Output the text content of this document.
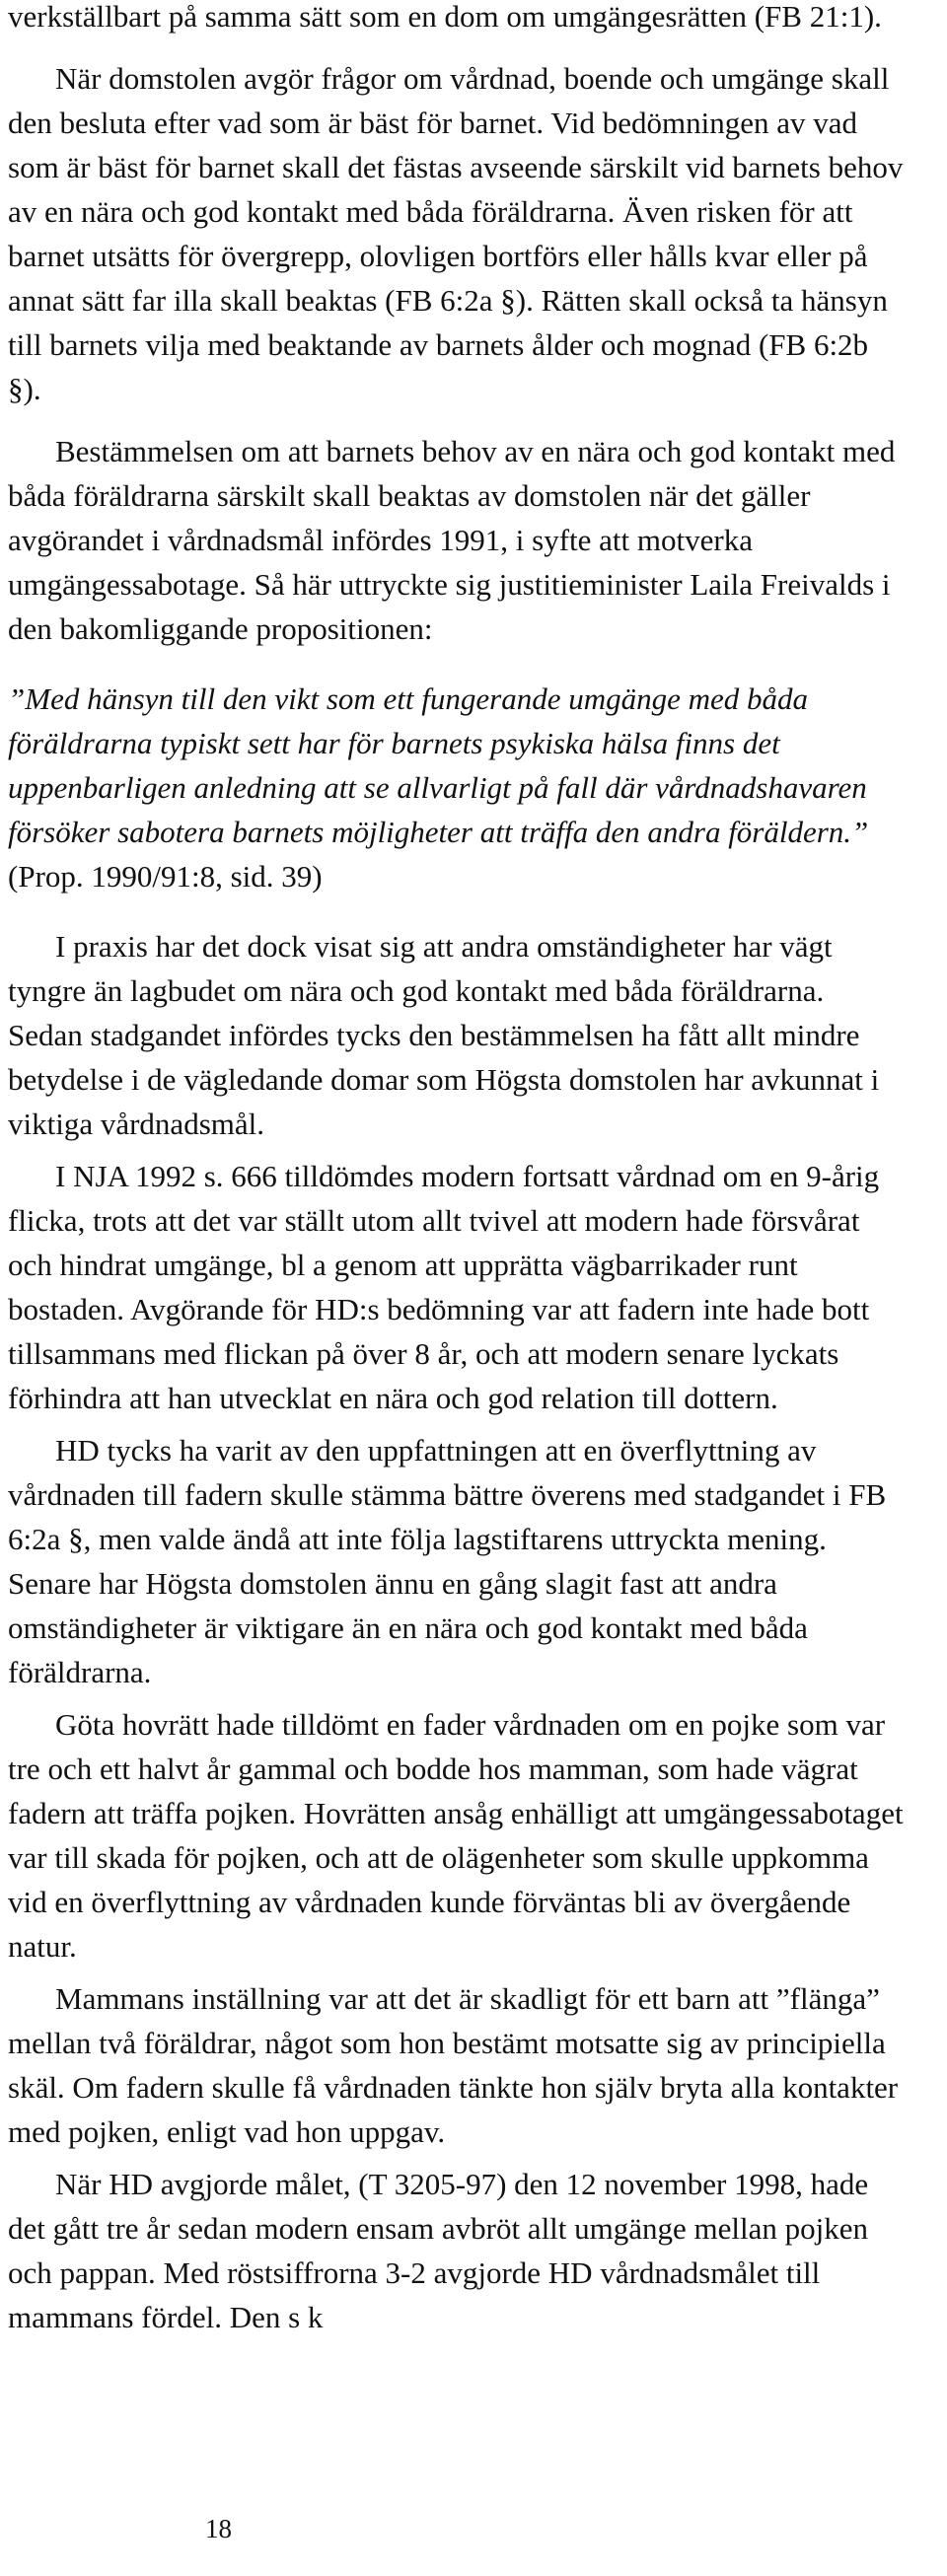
verkställbart på samma sätt som en dom om umgängesrätten (FB 21:1).

När domstolen avgör frågor om vårdnad, boende och umgänge skall den besluta efter vad som är bäst för barnet. Vid bedömningen av vad som är bäst för barnet skall det fästas avseende särskilt vid barnets behov av en nära och god kontakt med båda föräldrarna. Även risken för att barnet utsätts för övergrepp, olovligen bortförs eller hålls kvar eller på annat sätt far illa skall beaktas (FB 6:2a §). Rätten skall också ta hänsyn till barnets vilja med beaktande av barnets ålder och mognad (FB 6:2b §).

Bestämmelsen om att barnets behov av en nära och god kontakt med båda föräldrarna särskilt skall beaktas av domstolen när det gäller avgörandet i vårdnadsmål infördes 1991, i syfte att motverka umgängessabotage. Så här uttryckte sig justitieminister Laila Freivalds i den bakomliggande propositionen:

”Med hänsyn till den vikt som ett fungerande umgänge med båda föräldrarna typiskt sett har för barnets psykiska hälsa finns det uppenbarligen anledning att se allvarligt på fall där vårdnadshavaren försöker sabotera barnets möjligheter att träffa den andra föräldern.” (Prop. 1990/91:8, sid. 39)

I praxis har det dock visat sig att andra omständigheter har vägt tyngre än lagbudet om nära och god kontakt med båda föräldrarna. Sedan stadgandet infördes tycks den bestämmelsen ha fått allt mindre betydelse i de vägledande domar som Högsta domstolen har avkunnat i viktiga vårdnadsmål.

I NJA 1992 s. 666 tilldömdes modern fortsatt vårdnad om en 9-årig flicka, trots att det var ställt utom allt tvivel att modern hade försvårat och hindrat umgänge, bl a genom att upprätta vägbarrikader runt bostaden. Avgörande för HD:s bedömning var att fadern inte hade bott tillsammans med flickan på över 8 år, och att modern senare lyckats förhindra att han utvecklat en nära och god relation till dottern.

HD tycks ha varit av den uppfattningen att en överflyttning av vårdnaden till fadern skulle stämma bättre överens med stadgandet i FB 6:2a §, men valde ändå att inte följa lagstiftarens uttryckta mening. Senare har Högsta domstolen ännu en gång slagit fast att andra omständigheter är viktigare än en nära och god kontakt med båda föräldrarna.

Göta hovrätt hade tilldömt en fader vårdnaden om en pojke som var tre och ett halvt år gammal och bodde hos mamman, som hade vägrat fadern att träffa pojken. Hovrätten ansåg enhälligt att umgängessabotaget var till skada för pojken, och att de olägenheter som skulle uppkomma vid en överflyttning av vårdnaden kunde förväntas bli av övergående natur.

Mammans inställning var att det är skadligt för ett barn att ”flänga” mellan två föräldrar, något som hon bestämt motsatte sig av principiella skäl. Om fadern skulle få vårdnaden tänkte hon själv bryta alla kontakter med pojken, enligt vad hon uppgav.

När HD avgjorde målet, (T 3205-97) den 12 november 1998, hade det gått tre år sedan modern ensam avbröt allt umgänge mellan pojken och pappan. Med röstsiffrorna 3-2 avgjorde HD vårdnadsmålet till mammans fördel. Den s k

18
